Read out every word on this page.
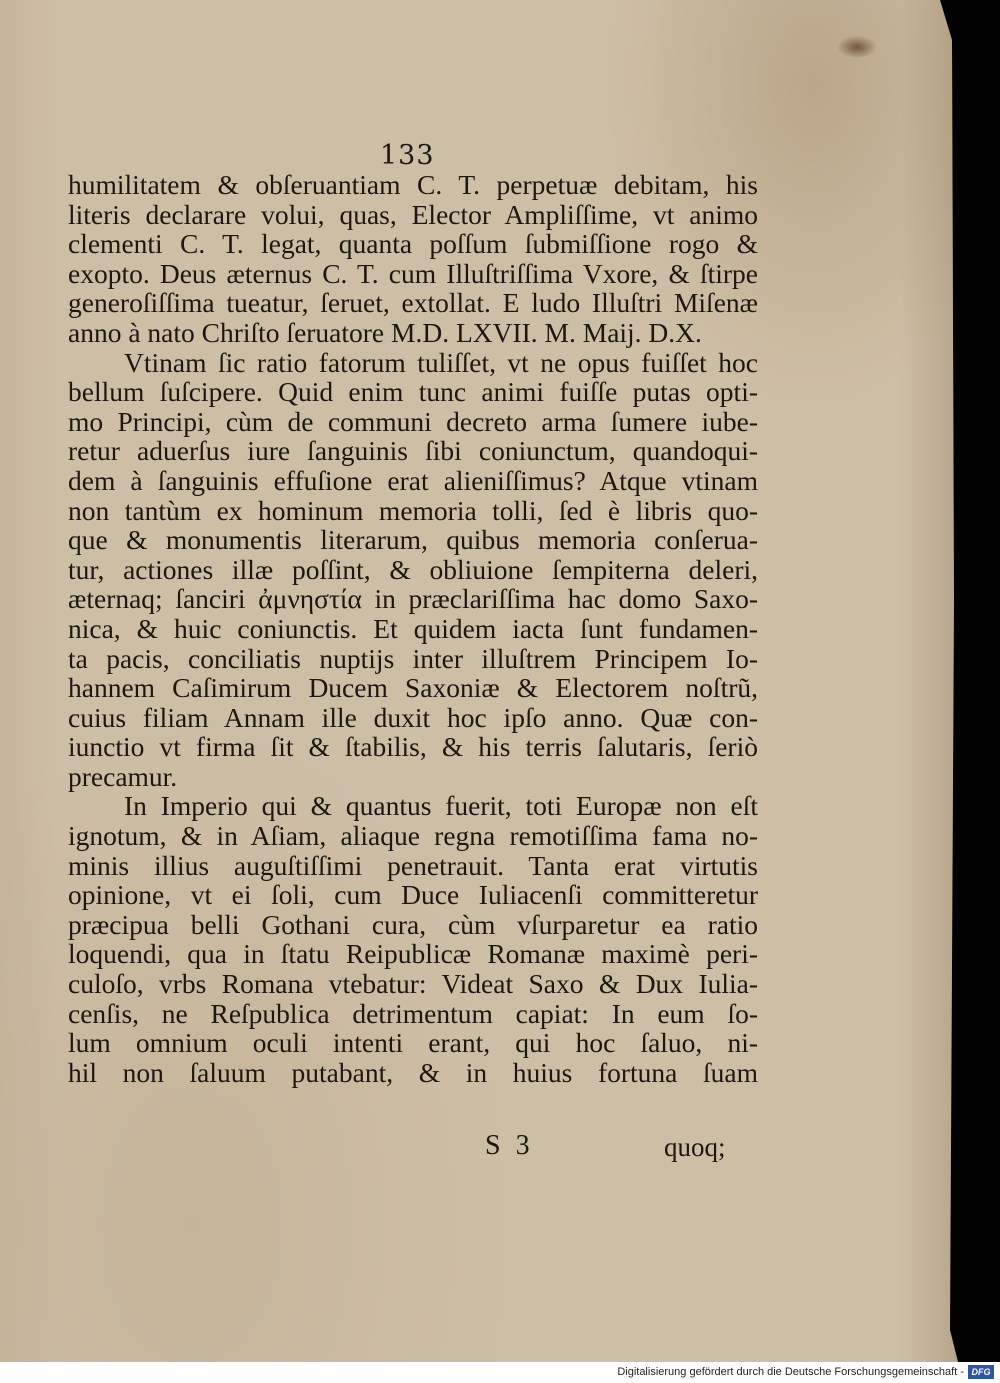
133
humilitatem & obſeruantiam C. T. perpetuæ debitam, his
literis declarare volui, quas, Elector Ampliſſime, vt animo
clementi C. T. legat, quanta poſſum ſubmiſſione rogo &
exopto. Deus æternus C. T. cum Illuſtriſſima Vxore, & ſtirpe
generoſiſſima tueatur, ſeruet, extollat. E ludo Illuſtri Miſenæ
anno à nato Chriſto ſeruatore M.D. LXVII. M. Maij. D.X.
Vtinam ſic ratio fatorum tuliſſet, vt ne opus fuiſſet hoc
bellum ſuſcipere. Quid enim tunc animi fuiſſe putas opti-
mo Principi, cùm de communi decreto arma ſumere iube-
retur aduerſus iure ſanguinis ſibi coniunctum, quandoqui-
dem à ſanguinis effuſione erat alieniſſimus? Atque vtinam
non tantùm ex hominum memoria tolli, ſed è libris quo-
que & monumentis literarum, quibus memoria conſerua-
tur, actiones illæ poſſint, & obliuione ſempiterna deleri,
æternaq; ſanciri ἀμνηστία in præclariſſima hac domo Saxo-
nica, & huic coniunctis. Et quidem iacta ſunt fundamen-
ta pacis, conciliatis nuptijs inter illuſtrem Principem Io-
hannem Caſimirum Ducem Saxoniæ & Electorem noſtrũ,
cuius filiam Annam ille duxit hoc ipſo anno. Quæ con-
iunctio vt firma ſit & ſtabilis, & his terris ſalutaris, ſeriò
precamur.
In Imperio qui & quantus fuerit, toti Europæ non eſt
ignotum, & in Aſiam, aliaque regna remotiſſima fama no-
minis illius auguſtiſſimi penetrauit. Tanta erat virtutis
opinione, vt ei ſoli, cum Duce Iuliacenſi committeretur
præcipua belli Gothani cura, cùm vſurparetur ea ratio
loquendi, qua in ſtatu Reipublicæ Romanæ maximè peri-
culoſo, vrbs Romana vtebatur: Videat Saxo & Dux Iulia-
cenſis, ne Reſpublica detrimentum capiat: In eum ſo-
lum omnium oculi intenti erant, qui hoc ſaluo, ni-
hil non ſaluum putabant, & in huius fortuna ſuam
S 3	quoq;
Digitalisierung gefördert durch die Deutsche Forschungsgemeinschaft - DFG
